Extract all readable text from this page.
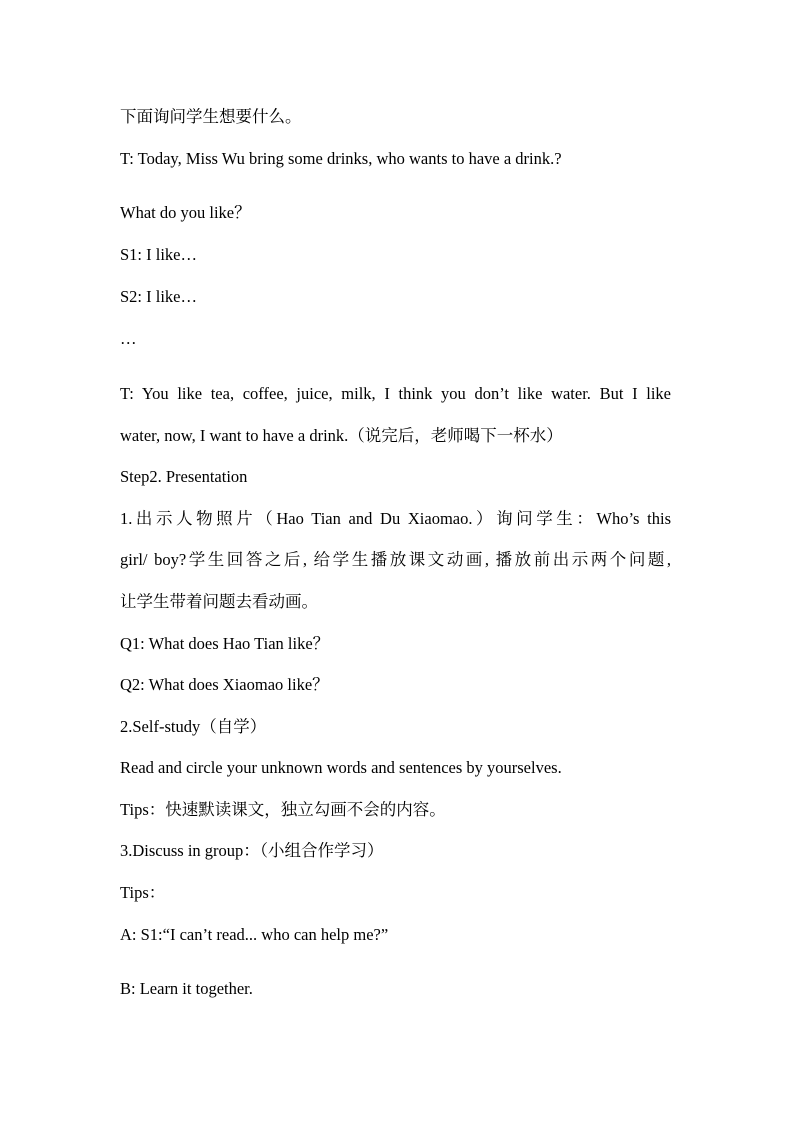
下面询问学生想要什么。
T: Today, Miss Wu bring some drinks, who wants to have a drink.?
What do you like？
S1: I like…
S2: I like…
…
T: You like tea, coffee, juice, milk, I think you don’t like water. But I like
water, now, I want to have a drink.（说完后，老师喝下一杯水）
Step2. Presentation
1.出示人物照片（Hao Tian and Du Xiaomao.）询问学生：Who’s this
girl/ boy?学生回答之后, 给学生播放课文动画, 播放前出示两个问题,
让学生带着问题去看动画。
Q1: What does Hao Tian like？
Q2: What does Xiaomao like？
2.Self-study（自学）
Read and circle your unknown words and sentences by yourselves.
Tips：快速默读课文，独立勾画不会的内容。
3.Discuss in group：（小组合作学习）
Tips：
A: S1:“I can’t read... who can help me?”
B: Learn it together.
